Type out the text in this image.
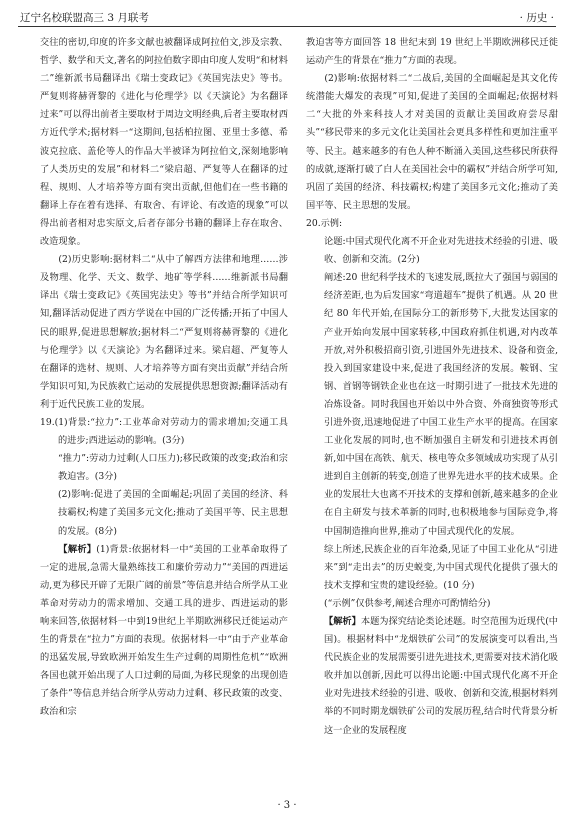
辽宁名校联盟高三 3 月联考	· 历史 ·

交往的密切,印度的许多文献也被翻译成阿拉伯文,涉及宗教、哲学、数学和天文,著名的阿拉伯数字即由印度人发明“和材料二”维新派书局翻译出《瑞士变政记》《英国宪法史》等书。严复则将赫胥黎的《进化与伦理学》以《天演论》为名翻译过来”可以得出前者主要取材于周边文明经典,后者主要取材西方近代学术;据材料一“这期间,包括柏拉图、亚里士多德、希波克拉底、盖伦等人的作品大半被译为阿拉伯文,深刻地影响了人类历史的发展”和材料二“梁启超、严复等人在翻译的过程、规则、人才培养等方面有突出贡献,但他们在一些书籍的翻译上存在着有选择、有取舍、有评论、有改造的现象”可以得出前者相对忠实原文,后者存部分书籍的翻译上存在取舍、改造现象。

(2)历史影响:据材料二“从中了解西方法律和地理……涉及物理、化学、天文、数学、地矿等学科……维新派书局翻译出《瑞士变政记》《英国宪法史》等书”并结合所学知识可知,翻译活动促进了西方学说在中国的广泛传播;开拓了中国人民的眼界,促进思想解放;据材料二“严复则将赫胥黎的《进化与伦理学》以《天演论》为名翻译过来。梁启超、严复等人在翻译的选材、规则、人才培养等方面有突出贡献”并结合所学知识可知,为民族救亡运动的发展提供思想资源;翻译活动有利于近代民族工业的发展。

19.(1)背景:“拉力”:工业革命对劳动力的需求增加;交通工具的进步;西进运动的影响。(3分)

“推力”:劳动力过剩(人口压力);移民政策的改变;政治和宗教迫害。(3分)

(2)影响:促进了美国的全面崛起;巩固了美国的经济、科技霸权;构建了美国多元文化;推动了美国平等、民主思想的发展。(8分)

【解析】(1)背景:依据材料一中“美国的工业革命取得了一定的进展,急需大量熟练技工和廉价劳动力”“美国的西进运动,更为移民开辟了无限广阔的前景”等信息并结合所学从工业革命对劳动力的需求增加、交通工具的进步、西进运动的影响来回答,依据材料一中到19世纪上半期欧洲移民迁徙运动产生的背景在“拉力”方面的表现。依据材料一中“由于产业革命的迅猛发展,导致欧洲开始发生生产过剩的周期性危机”“欧洲各国也就开始出现了人口过剩的局面,为移民现象的出现创造了条件”等信息并结合所学从劳动力过剩、移民政策的改变、政治和宗

教迫害等方面回答 18 世纪末到 19 世纪上半期欧洲移民迁徙运动产生的背景在“推力”方面的表现。

(2)影响:依据材料二“二战后,美国的全面崛起是其文化传统潜能大爆发的表现”可知,促进了美国的全面崛起;依据材料二“大批的外来科技人才对美国的贡献让美国政府尝尽甜头”“移民带来的多元文化让美国社会更具多样性和更加注重平等、民主。越来越多的有色人种不断涌入美国,这些移民所获得的成就,逐渐打破了白人在美国社会中的霸权”并结合所学可知,巩固了美国的经济、科技霸权;构建了美国多元文化;推动了美国平等、民主思想的发展。

20.示例:

论题:中国式现代化离不开企业对先进技术经验的引进、吸收、创新和交流。(2分)

阐述:20 世纪科学技术的飞速发展,既拉大了强国与弱国的经济差距,也为后发国家“弯道超车”提供了机遇。从 20 世纪 80 年代开始,在国际分工的新形势下,大批发达国家的产业开始向发展中国家转移,中国政府抓住机遇,对内改革开放,对外积极招商引资,引进国外先进技术、设备和资金,投入到国家建设中来,促进了我国经济的发展。鞍钢、宝钢、首钢等钢铁企业也在这一时期引进了一批技术先进的冶炼设备。同时我国也开始以中外合资、外商独资等形式引进外资,迅速地促进了中国工业生产水平的提高。在国家工业化发展的同时,也不断加强自主研发和引进技术再创新,如中国在高铁、航天、核电等众多领域成功实现了从引进到自主创新的转变,创造了世界先进水平的技术成果。企业的发展壮大也离不开技术的支撑和创新,越来越多的企业在自主研发与技术革新的同时,也积极地参与国际竞争,将中国制造推向世界,推动了中国式现代化的发展。

综上所述,民族企业的百年沧桑,见证了中国工业化从“引进来”到“走出去”的历史蜕变,为中国式现代化提供了强大的技术支撑和宝贵的建设经验。(10 分)

(“示例”仅供参考,阐述合理亦可酌情给分)

【解析】本题为探究结论类论述题。时空范围为近现代(中国)。根据材料中“龙烟铁矿公司”的发展演变可以看出,当代民族企业的发展需要引进先进技术,更需要对技术消化吸收并加以创新,因此可以得出论题:中国式现代化离不开企业对先进技术经验的引进、吸收、创新和交流,根据材料列举的不同时期龙烟铁矿公司的发展历程,结合时代背景分析这一企业的发展程度

· 3 ·
